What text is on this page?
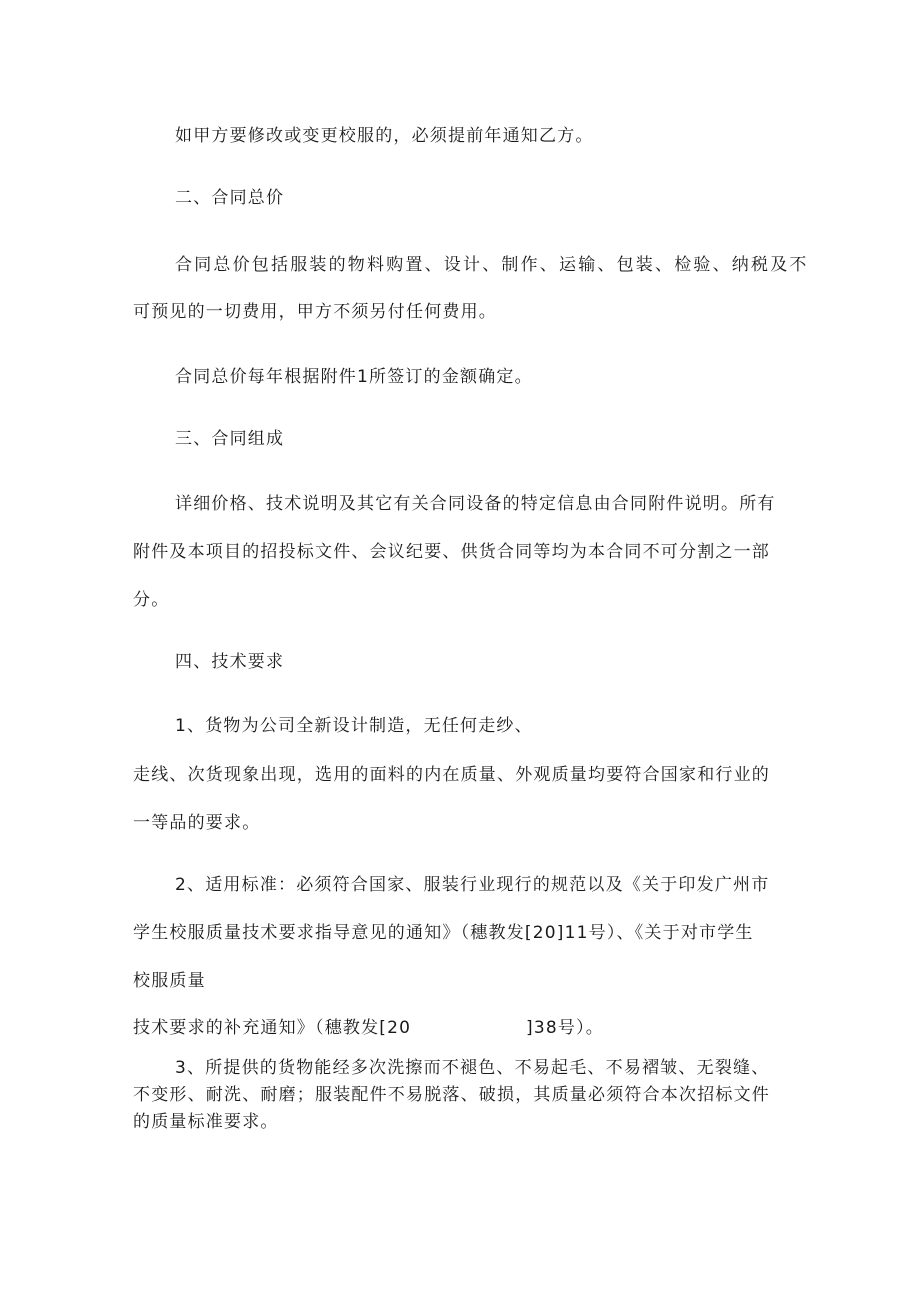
如甲方要修改或变更校服的，必须提前年通知乙方。
二、合同总价
合同总价包括服装的物料购置、设计、制作、运输、包装、检验、纳税及不
可预见的一切费用，甲方不须另付任何费用。
合同总价每年根据附件1所签订的金额确定。
三、合同组成
详细价格、技术说明及其它有关合同设备的特定信息由合同附件说明。所有
附件及本项目的招投标文件、会议纪要、供货合同等均为本合同不可分割之一部
分。
四、技术要求
1、货物为公司全新设计制造，无任何走纱、
走线、次货现象出现，选用的面料的内在质量、外观质量均要符合国家和行业的
一等品的要求。
2、适用标准：必须符合国家、服装行业现行的规范以及《关于印发广州市
学生校服质量技术要求指导意见的通知》（穗教发[20]11号）、《关于对市学生
校服质量
技术要求的补充通知》（穗教发[20	]38号）。
3、所提供的货物能经多次洗擦而不褪色、不易起毛、不易褶皱、无裂缝、
不变形、耐洗、耐磨；服装配件不易脱落、破损，其质量必须符合本次招标文件
的质量标准要求。
